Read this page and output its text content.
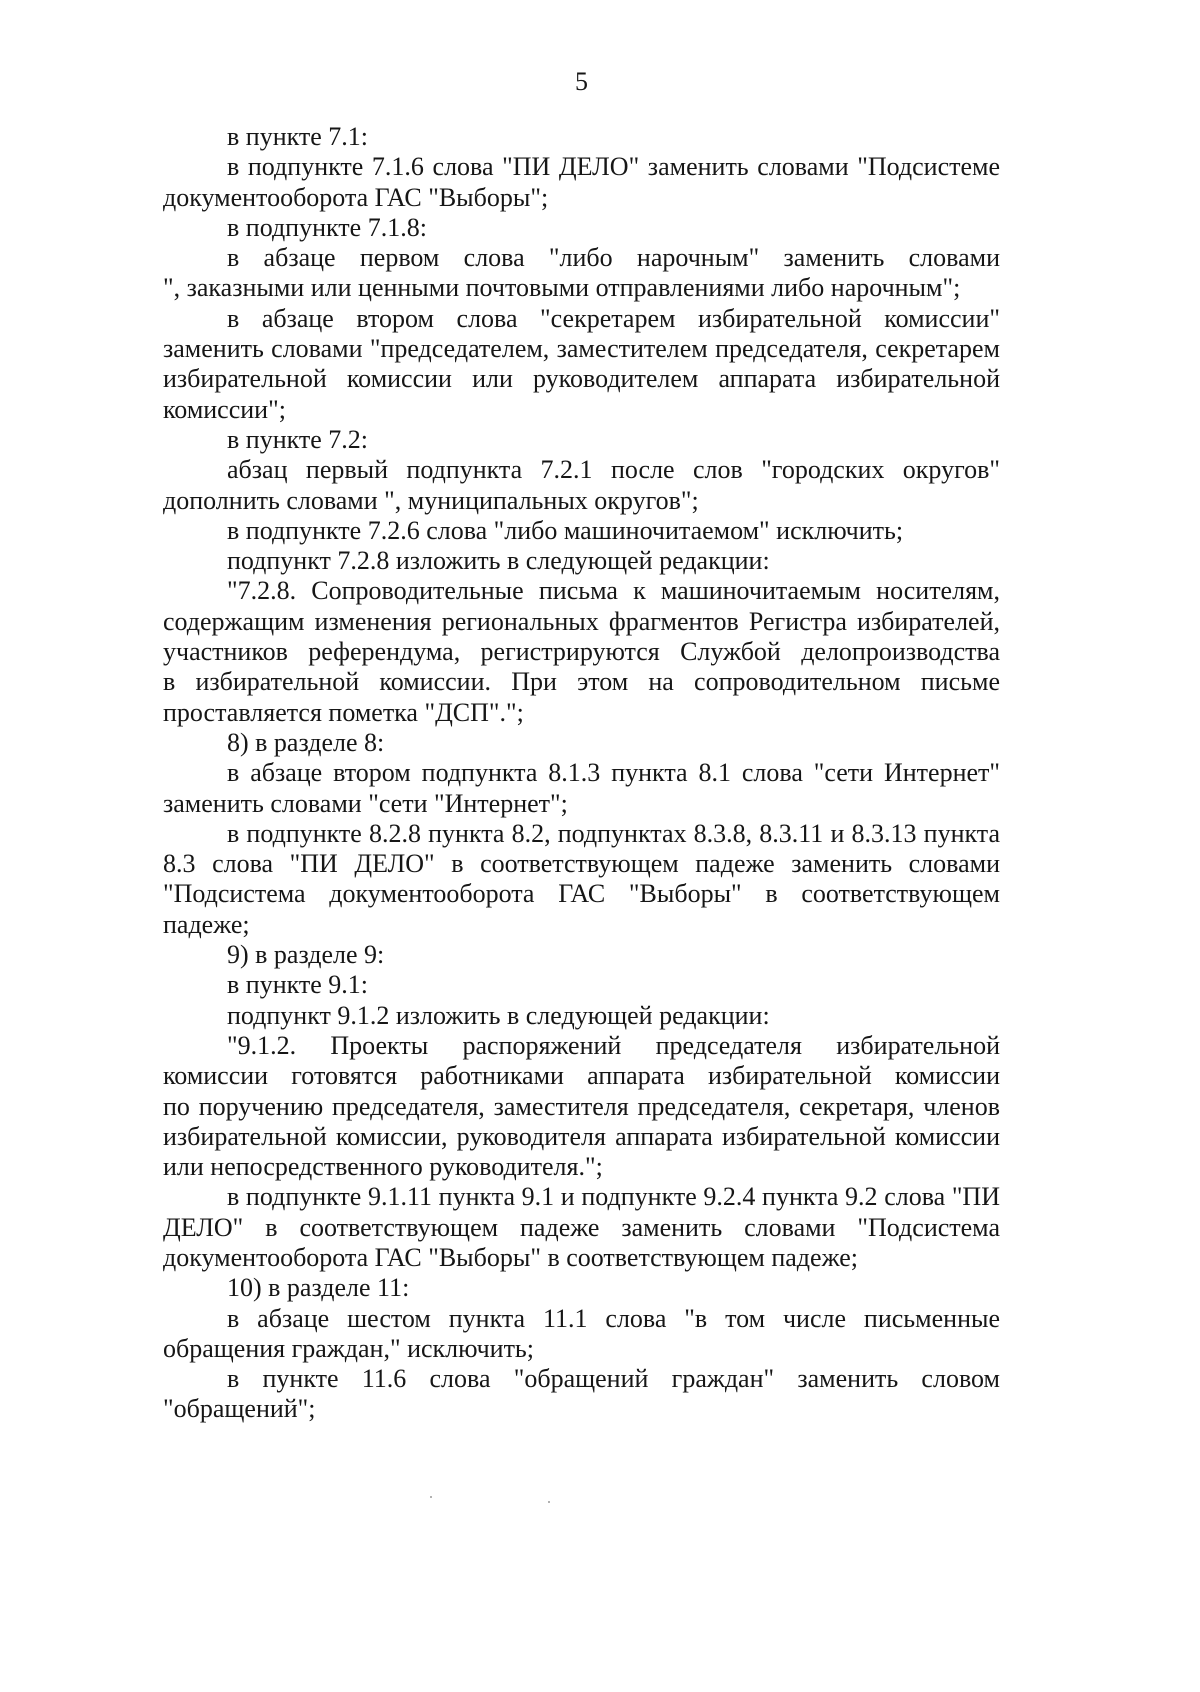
5
в пункте 7.1:
в подпункте 7.1.6 слова "ПИ ДЕЛО" заменить словами "Подсистеме
документооборота ГАС "Выборы";
в подпункте 7.1.8:
в абзаце первом слова "либо нарочным" заменить словами
", заказными или ценными почтовыми отправлениями либо нарочным";
в абзаце втором слова "секретарем избирательной комиссии"
заменить словами "председателем, заместителем председателя, секретарем
избирательной комиссии или руководителем аппарата избирательной
комиссии";
в пункте 7.2:
абзац первый подпункта 7.2.1 после слов "городских округов"
дополнить словами ", муниципальных округов";
в подпункте 7.2.6 слова "либо машиночитаемом" исключить;
подпункт 7.2.8 изложить в следующей редакции:
"7.2.8. Сопроводительные письма к машиночитаемым носителям,
содержащим изменения региональных фрагментов Регистра избирателей,
участников референдума, регистрируются Службой делопроизводства
в избирательной комиссии. При этом на сопроводительном письме
проставляется пометка "ДСП".";
8) в разделе 8:
в абзаце втором подпункта 8.1.3 пункта 8.1 слова "сети Интернет"
заменить словами "сети "Интернет";
в подпункте 8.2.8 пункта 8.2, подпунктах 8.3.8, 8.3.11 и 8.3.13 пункта
8.3 слова "ПИ ДЕЛО" в соответствующем падеже заменить словами
"Подсистема документооборота ГАС "Выборы" в соответствующем
падеже;
9) в разделе 9:
в пункте 9.1:
подпункт 9.1.2 изложить в следующей редакции:
"9.1.2. Проекты распоряжений председателя избирательной
комиссии готовятся работниками аппарата избирательной комиссии
по поручению председателя, заместителя председателя, секретаря, членов
избирательной комиссии, руководителя аппарата избирательной комиссии
или непосредственного руководителя.";
в подпункте 9.1.11 пункта 9.1 и подпункте 9.2.4 пункта 9.2 слова "ПИ
ДЕЛО" в соответствующем падеже заменить словами "Подсистема
документооборота ГАС "Выборы" в соответствующем падеже;
10) в разделе 11:
в абзаце шестом пункта 11.1 слова "в том числе письменные
обращения граждан," исключить;
в пункте 11.6 слова "обращений граждан" заменить словом
"обращений";
